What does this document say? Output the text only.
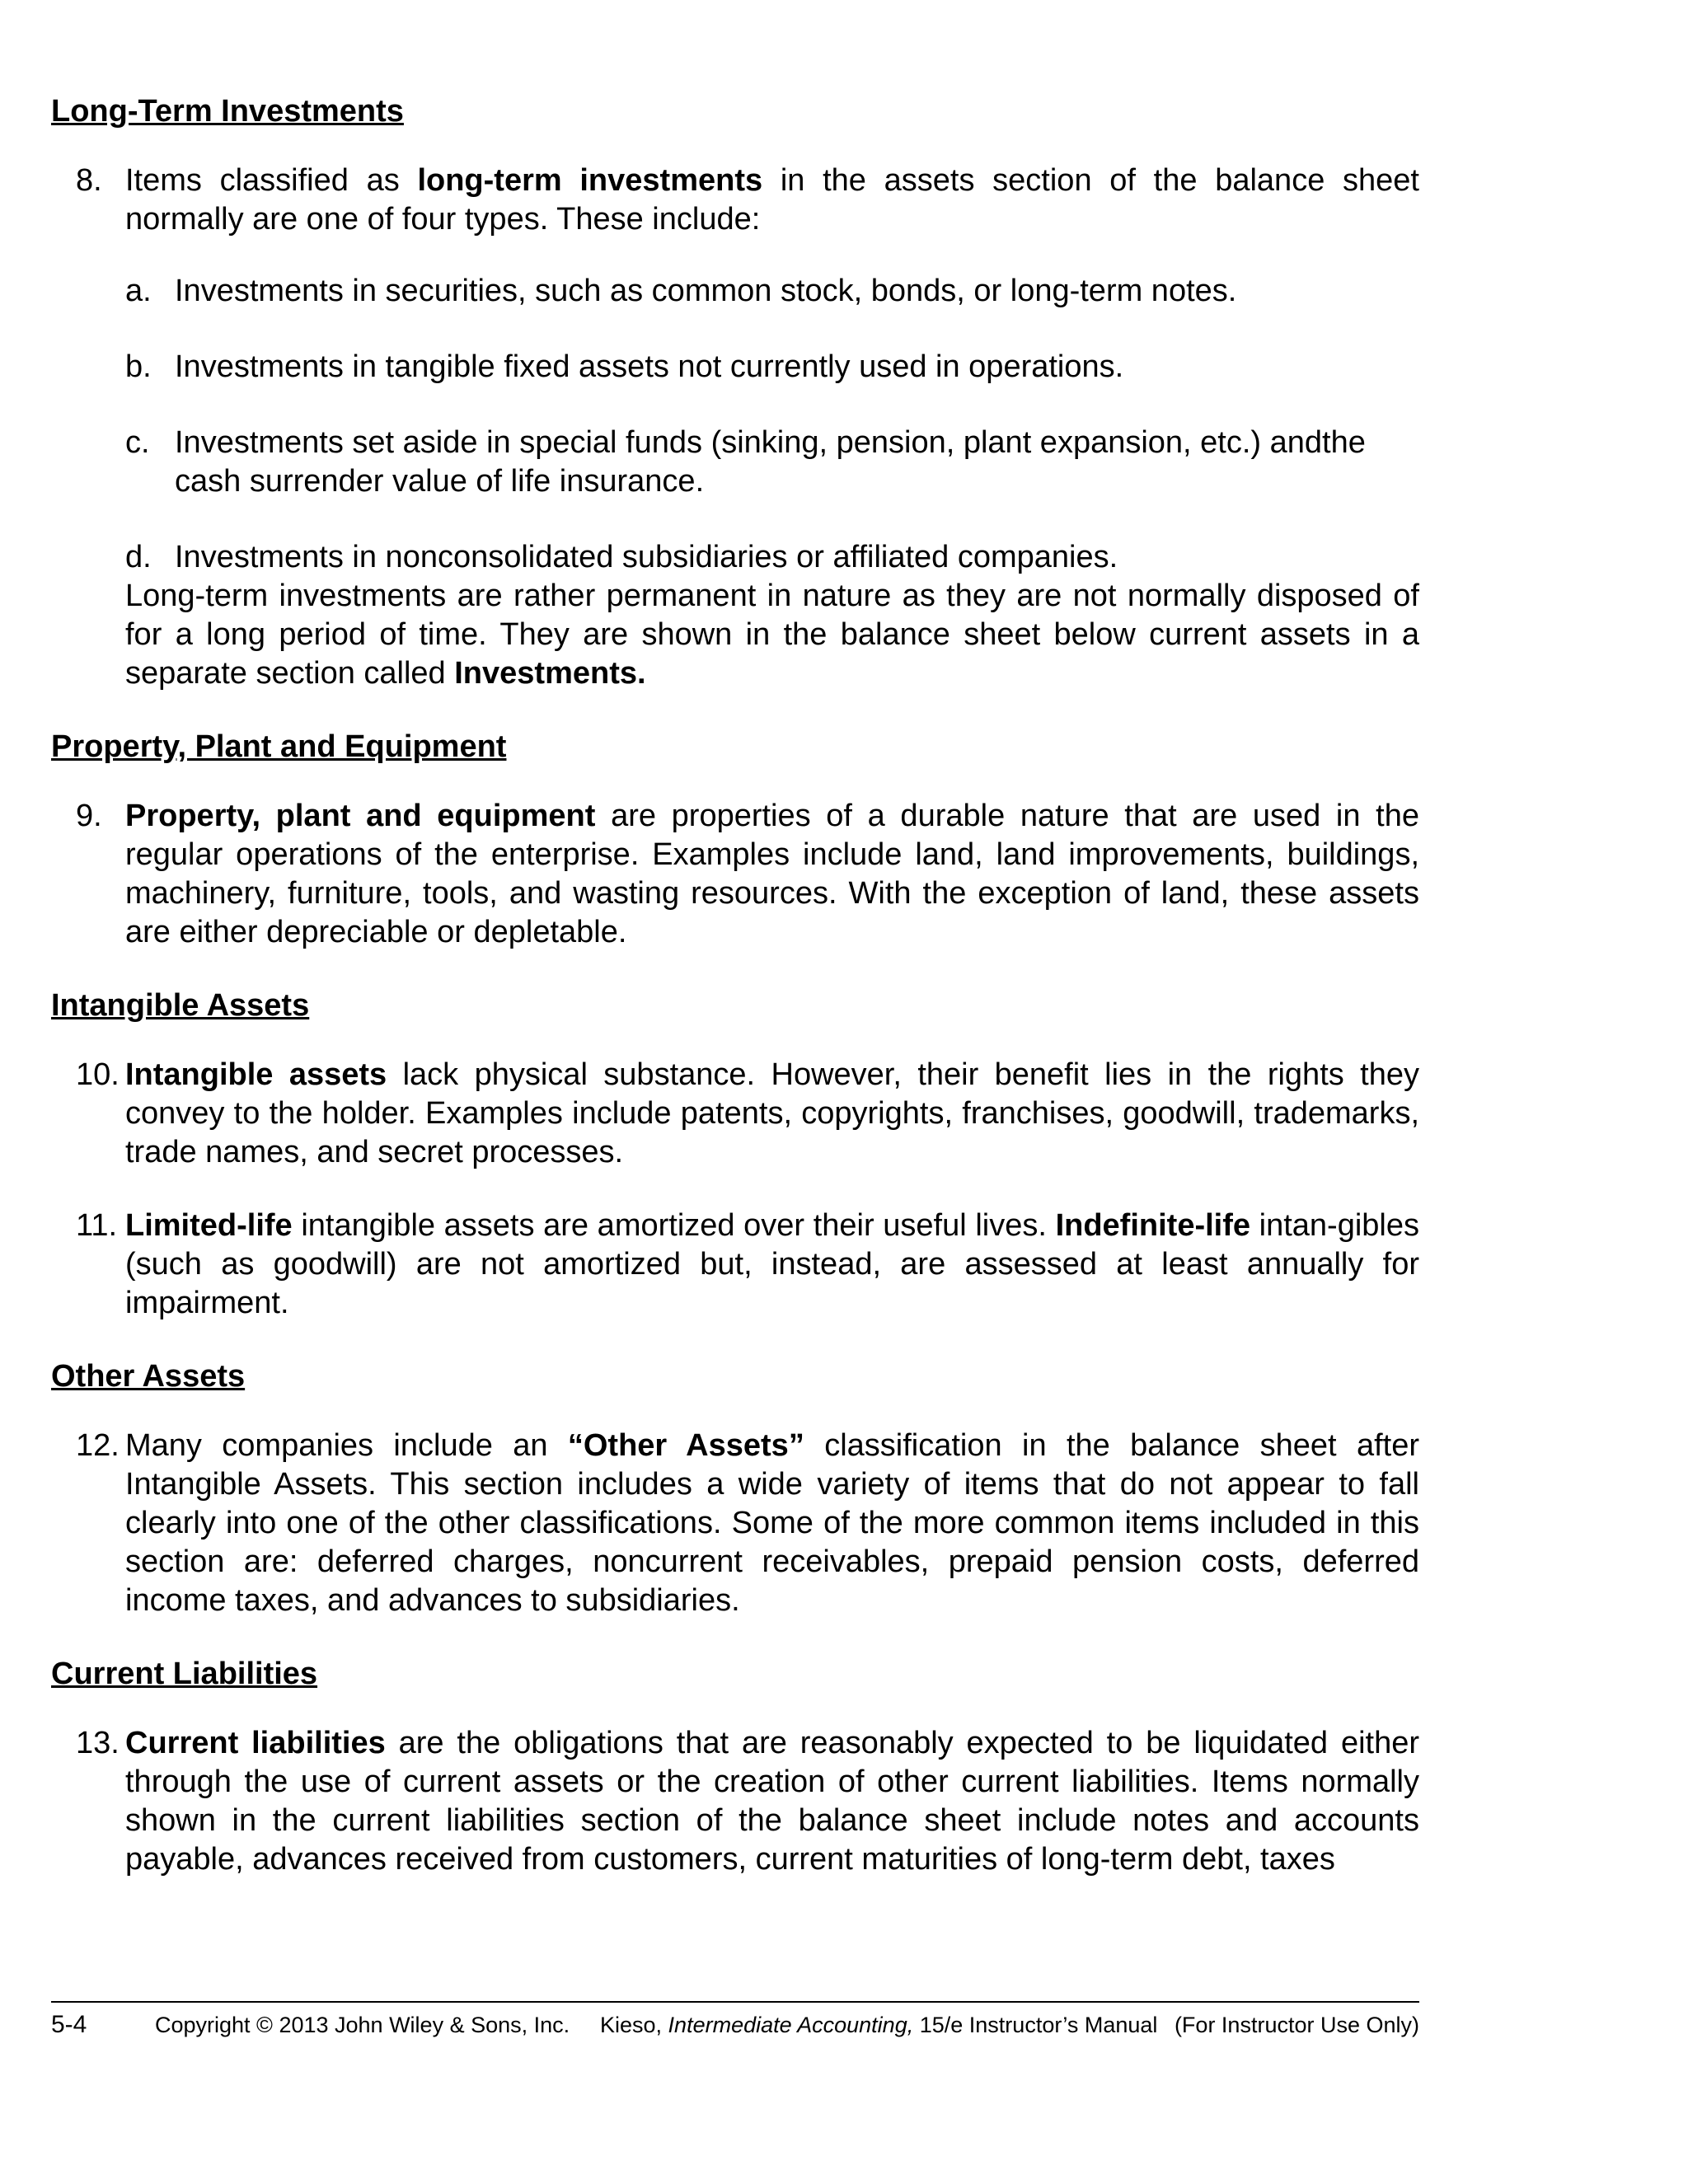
Long-Term Investments
8. Items classified as long-term investments in the assets section of the balance sheet normally are one of four types. These include:

a. Investments in securities, such as common stock, bonds, or long-term notes.
b. Investments in tangible fixed assets not currently used in operations.
c. Investments set aside in special funds (sinking, pension, plant expansion, etc.) andthe cash surrender value of life insurance.
d. Investments in nonconsolidated subsidiaries or affiliated companies.

Long-term investments are rather permanent in nature as they are not normally disposed of for a long period of time. They are shown in the balance sheet below current assets in a separate section called Investments.

Property, Plant and Equipment
9. Property, plant and equipment are properties of a durable nature that are used in the regular operations of the enterprise. Examples include land, land improvements, buildings, machinery, furniture, tools, and wasting resources. With the exception of land, these assets are either depreciable or depletable.

Intangible Assets
10. Intangible assets lack physical substance. However, their benefit lies in the rights they convey to the holder. Examples include patents, copyrights, franchises, goodwill, trademarks, trade names, and secret processes.

11. Limited-life intangible assets are amortized over their useful lives. Indefinite-life intan-gibles (such as goodwill) are not amortized but, instead, are assessed at least annually for impairment.

Other Assets
12. Many companies include an “Other Assets” classification in the balance sheet after Intangible Assets. This section includes a wide variety of items that do not appear to fall clearly into one of the other classifications. Some of the more common items included in this section are: deferred charges, noncurrent receivables, prepaid pension costs, deferred income taxes, and advances to subsidiaries.

Current Liabilities
13. Current liabilities are the obligations that are reasonably expected to be liquidated either through the use of current assets or the creation of other current liabilities. Items normally shown in the current liabilities section of the balance sheet include notes and accounts payable, advances received from customers, current maturities of long-term debt, taxes

5-4	Copyright © 2013 John Wiley & Sons, Inc.	Kieso, Intermediate Accounting, 15/e Instructor’s Manual (For Instructor Use Only)
